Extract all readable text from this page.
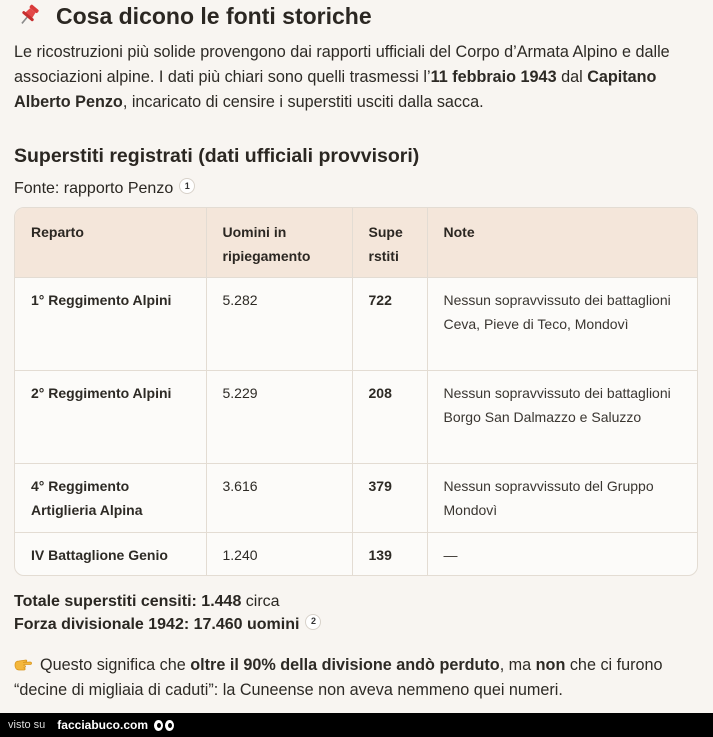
Cosa dicono le fonti storiche

Le ricostruzioni più solide provengono dai rapporti ufficiali del Corpo d’Armata Alpino e dalle associazioni alpine. I dati più chiari sono quelli trasmessi l’11 febbraio 1943 dal Capitano Alberto Penzo, incaricato di censire i superstiti usciti dalla sacca.

Superstiti registrati (dati ufficiali provvisori)
Fonte: rapporto Penzo	1
Reparto	Uomini in ripiegamento	Supe rstiti	Note
1° Reggimento Alpini	5.282	722	Nessun sopravvissuto dei battaglioni Ceva, Pieve di Teco, Mondovì
2° Reggimento Alpini	5.229	208	Nessun sopravvissuto dei battaglioni Borgo San Dalmazzo e Saluzzo
4° Reggimento Artiglieria Alpina	3.616	379	Nessun sopravvissuto del Gruppo Mondovì
IV Battaglione Genio	1.240	139	—
Totale superstiti censiti: 1.448 circa
Forza divisionale 1942: 17.460 uomini	2

Questo significa che oltre il 90% della divisione andò perduto, ma non che ci furono “decine di migliaia di caduti”: la Cuneense non aveva nemmeno quei numeri.

visto su facciabuco.com
